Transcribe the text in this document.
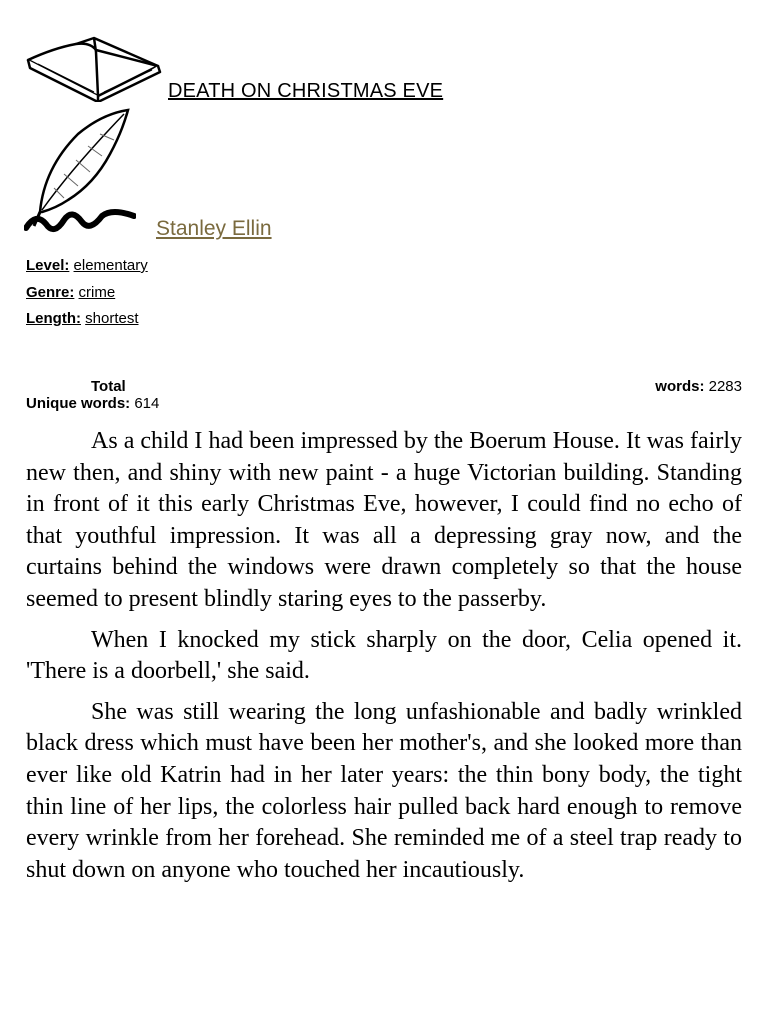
DEATH ON CHRISTMAS EVE
Stanley Ellin
Level: elementary
Genre: crime
Length: shortest
Total	words: 2283
Unique words: 614

As a child I had been impressed by the Boerum House. It was fairly new then, and shiny with new paint - a huge Victorian building. Standing in front of it this early Christmas Eve, however, I could find no echo of that youthful impression. It was all a depressing gray now, and the curtains behind the windows were drawn completely so that the house seemed to present blindly staring eyes to the passerby.

When I knocked my stick sharply on the door, Celia opened it. 'There is a doorbell,' she said.

She was still wearing the long unfashionable and badly wrinkled black dress which must have been her mother's, and she looked more than ever like old Katrin had in her later years: the thin bony body, the tight thin line of her lips, the colorless hair pulled back hard enough to remove every wrinkle from her forehead. She reminded me of a steel trap ready to shut down on anyone who touched her incautiously.
